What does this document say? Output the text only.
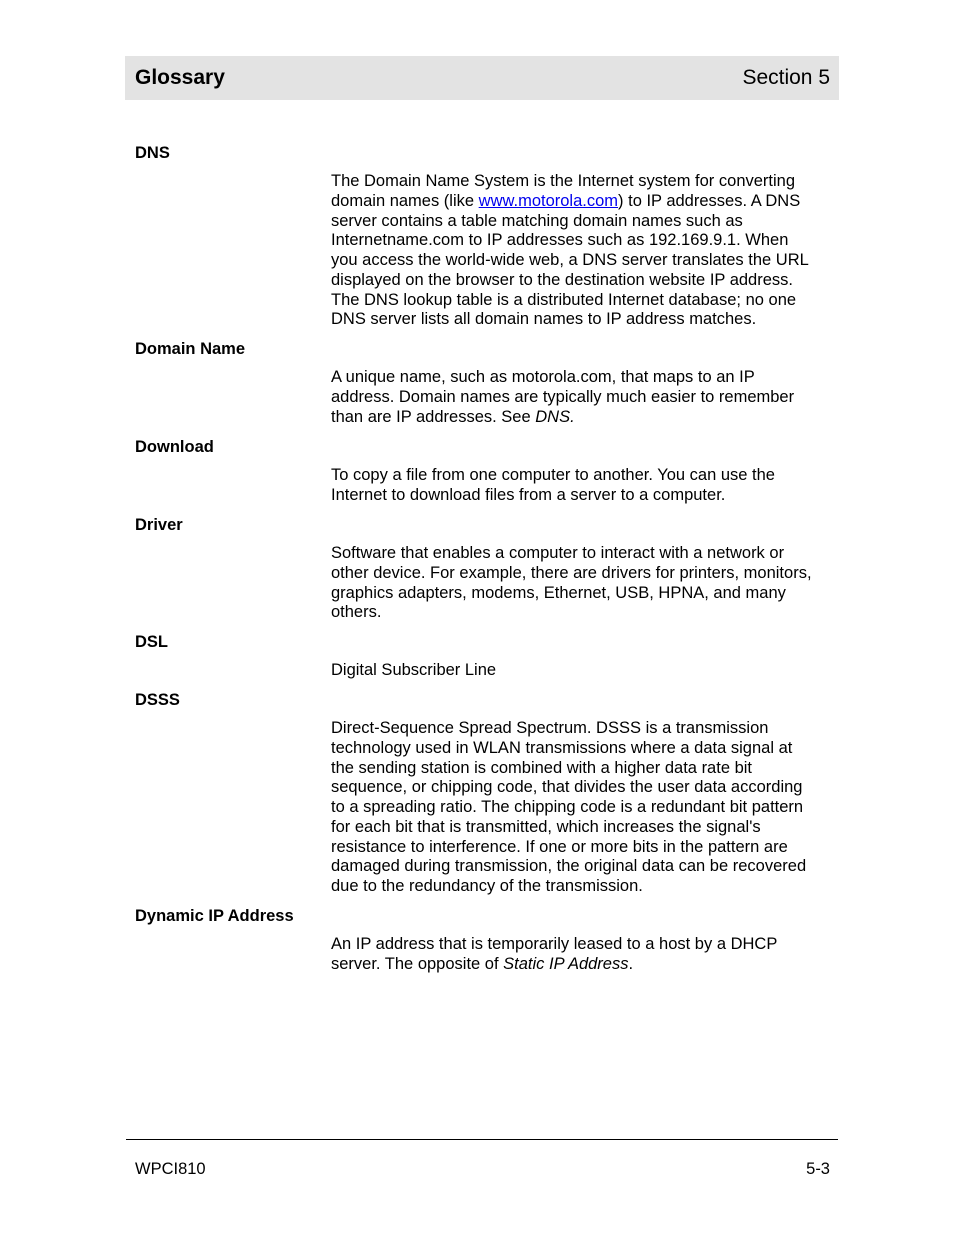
Glossary	Section 5
DNS
The Domain Name System is the Internet system for converting
domain names (like www.motorola.com) to IP addresses. A DNS
server contains a table matching domain names such as
Internetname.com to IP addresses such as 192.169.9.1. When
you access the world-wide web, a DNS server translates the URL
displayed on the browser to the destination website IP address.
The DNS lookup table is a distributed Internet database; no one
DNS server lists all domain names to IP address matches.
Domain Name
A unique name, such as motorola.com, that maps to an IP
address. Domain names are typically much easier to remember
than are IP addresses. See DNS.
Download
To copy a file from one computer to another. You can use the
Internet to download files from a server to a computer.
Driver
Software that enables a computer to interact with a network or
other device. For example, there are drivers for printers, monitors,
graphics adapters, modems, Ethernet, USB, HPNA, and many
others.
DSL
Digital Subscriber Line
DSSS
Direct-Sequence Spread Spectrum. DSSS is a transmission
technology used in WLAN transmissions where a data signal at
the sending station is combined with a higher data rate bit
sequence, or chipping code, that divides the user data according
to a spreading ratio. The chipping code is a redundant bit pattern
for each bit that is transmitted, which increases the signal's
resistance to interference. If one or more bits in the pattern are
damaged during transmission, the original data can be recovered
due to the redundancy of the transmission.
Dynamic IP Address
An IP address that is temporarily leased to a host by a DHCP
server. The opposite of Static IP Address.
WPCI810	5-3
